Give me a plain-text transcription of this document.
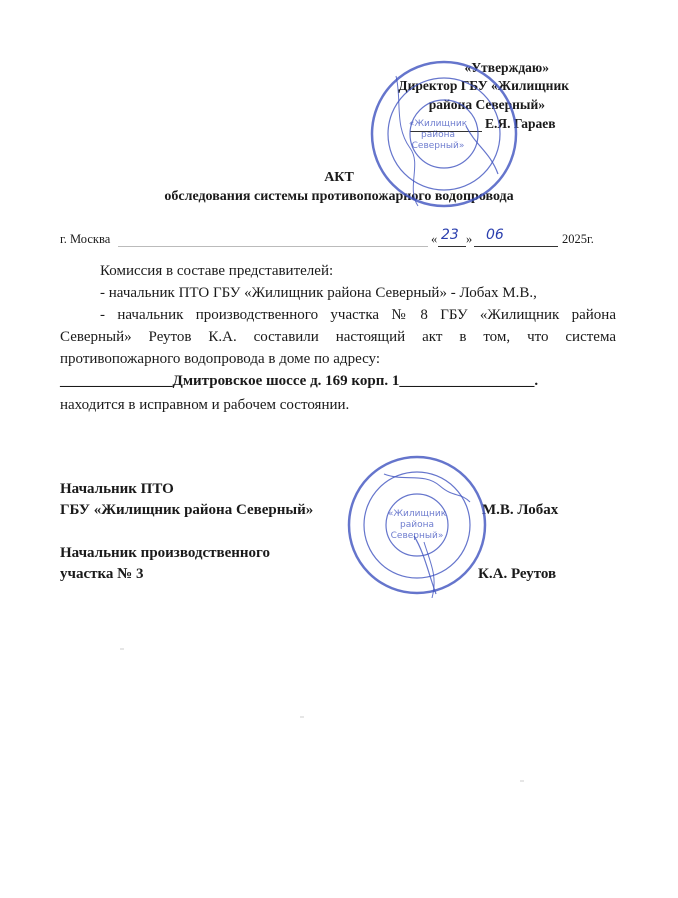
«Утверждаю»
Директор ГБУ «Жилищник
района Северный»
Е.Я. Гараев
АКТ
обследования системы противопожарного водопровода
г. Москва	« 23 » 06	2025г.
Комиссия в составе представителей:
- начальник ПТО ГБУ «Жилищник района Северный» - Лобах М.В.,
-  начальник  производственного  участка  №  8  ГБУ  «Жилищник  района
Северный»  Реутов  К.А.  составили  настоящий  акт  в  том,  что  система
противопожарного водопровода в доме по адресу:
_______________Дмитровское шоссе д. 169 корп. 1__________________.
находится в исправном и рабочем состоянии.
Начальник ПТО
ГБУ «Жилищник района Северный»	М.В. Лобах
Начальник производственного
участка № 3	К.А. Реутов
«Жилищник
района
Северный»
«Жилищник
района
Северный»
